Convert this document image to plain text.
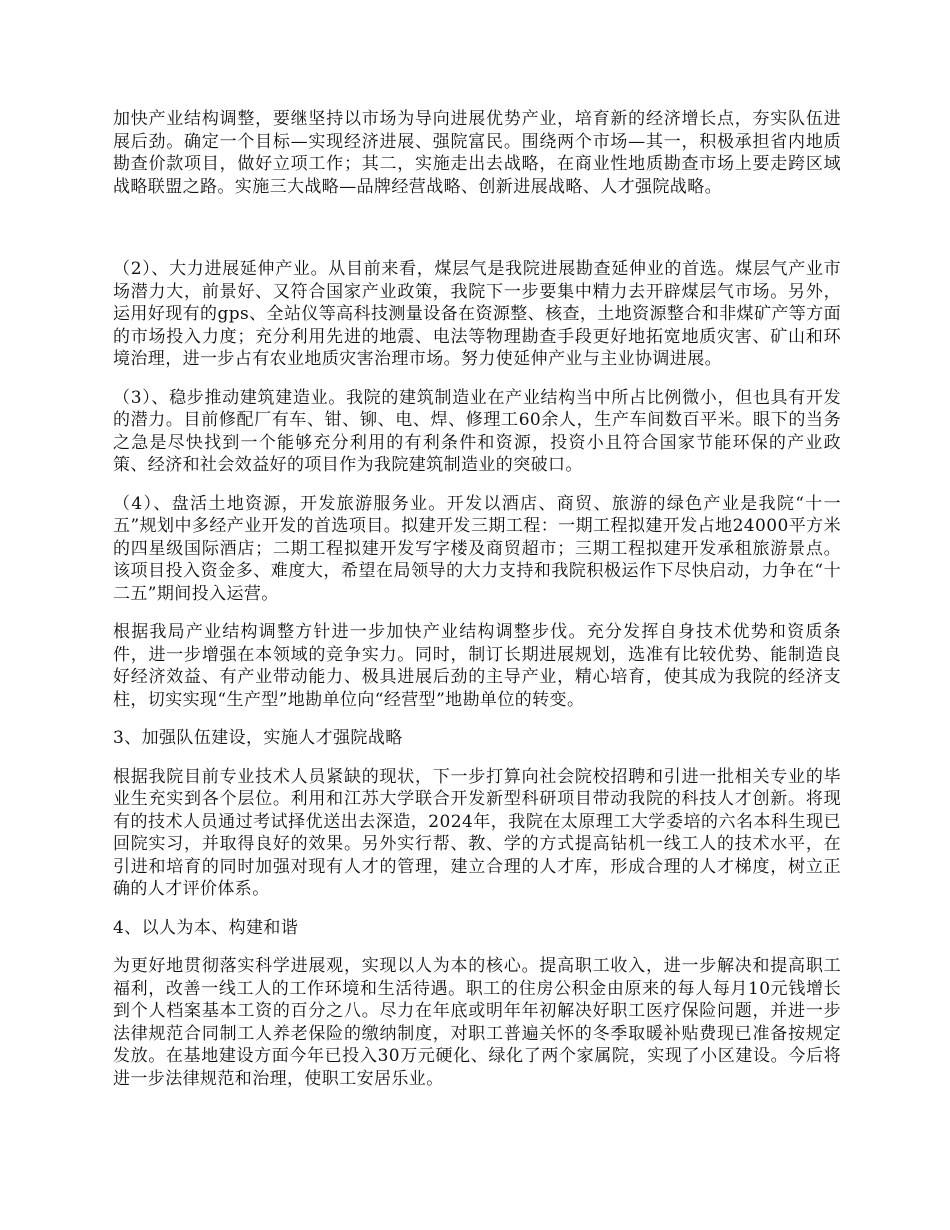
加快产业结构调整，要继坚持以市场为导向进展优势产业，培育新的经济增长点，夯实队伍进展后劲。确定一个目标—实现经济进展、强院富民。围绕两个市场—其一，积极承担省内地质勘查价款项目，做好立项工作；其二，实施走出去战略，在商业性地质勘查市场上要走跨区域战略联盟之路。实施三大战略—品牌经营战略、创新进展战略、人才强院战略。

（2）、大力进展延伸产业。从目前来看，煤层气是我院进展勘查延伸业的首选。煤层气产业市场潜力大，前景好、又符合国家产业政策，我院下一步要集中精力去开辟煤层气市场。另外，运用好现有的gps、全站仪等高科技测量设备在资源整、核查，土地资源整合和非煤矿产等方面的市场投入力度；充分利用先进的地震、电法等物理勘查手段更好地拓宽地质灾害、矿山和环境治理，进一步占有农业地质灾害治理市场。努力使延伸产业与主业协调进展。

（3）、稳步推动建筑建造业。我院的建筑制造业在产业结构当中所占比例微小，但也具有开发的潜力。目前修配厂有车、钳、铆、电、焊、修理工60余人，生产车间数百平米。眼下的当务之急是尽快找到一个能够充分利用的有利条件和资源，投资小且符合国家节能环保的产业政策、经济和社会效益好的项目作为我院建筑制造业的突破口。

（4）、盘活土地资源，开发旅游服务业。开发以酒店、商贸、旅游的绿色产业是我院“十一五”规划中多经产业开发的首选项目。拟建开发三期工程：一期工程拟建开发占地24000平方米的四星级国际酒店；二期工程拟建开发写字楼及商贸超市；三期工程拟建开发承租旅游景点。该项目投入资金多、难度大，希望在局领导的大力支持和我院积极运作下尽快启动，力争在“十二五”期间投入运营。

根据我局产业结构调整方针进一步加快产业结构调整步伐。充分发挥自身技术优势和资质条件，进一步增强在本领域的竞争实力。同时，制订长期进展规划，选准有比较优势、能制造良好经济效益、有产业带动能力、极具进展后劲的主导产业，精心培育，使其成为我院的经济支柱，切实实现“生产型”地勘单位向“经营型”地勘单位的转变。

3、加强队伍建设，实施人才强院战略

根据我院目前专业技术人员紧缺的现状，下一步打算向社会院校招聘和引进一批相关专业的毕业生充实到各个层位。利用和江苏大学联合开发新型科研项目带动我院的科技人才创新。将现有的技术人员通过考试择优送出去深造，2024年，我院在太原理工大学委培的六名本科生现已回院实习，并取得良好的效果。另外实行帮、教、学的方式提高钻机一线工人的技术水平，在引进和培育的同时加强对现有人才的管理，建立合理的人才库，形成合理的人才梯度，树立正确的人才评价体系。

4、以人为本、构建和谐

为更好地贯彻落实科学进展观，实现以人为本的核心。提高职工收入，进一步解决和提高职工福利，改善一线工人的工作环境和生活待遇。职工的住房公积金由原来的每人每月10元钱增长到个人档案基本工资的百分之八。尽力在年底或明年年初解决好职工医疗保险问题，并进一步法律规范合同制工人养老保险的缴纳制度，对职工普遍关怀的冬季取暖补贴费现已准备按规定发放。在基地建设方面今年已投入30万元硬化、绿化了两个家属院，实现了小区建设。今后将进一步法律规范和治理，使职工安居乐业。
